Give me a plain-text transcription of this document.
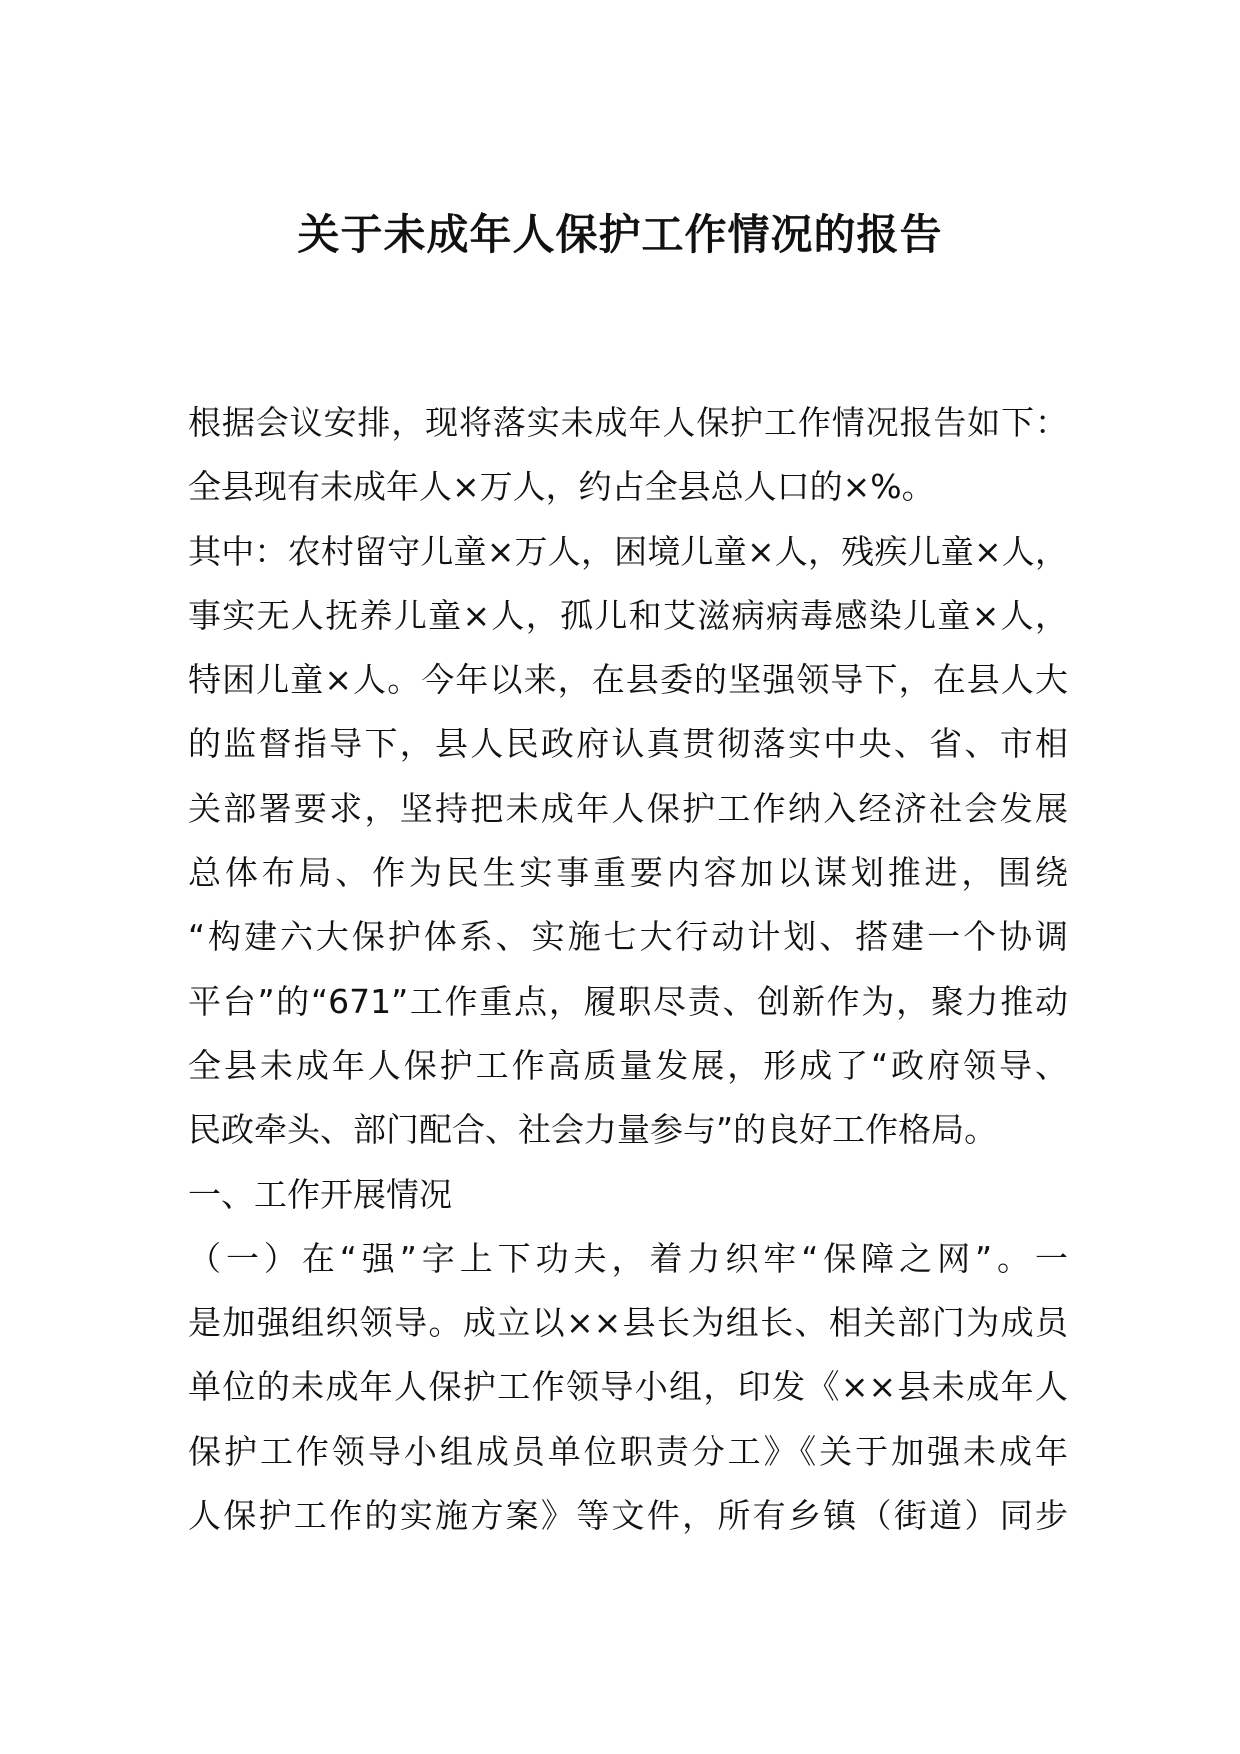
关于未成年人保护工作情况的报告
根据会议安排，现将落实未成年人保护工作情况报告如下：
全县现有未成年人×万人，约占全县总人口的×%。
其中：农村留守儿童×万人，困境儿童×人，残疾儿童×人，
事实无人抚养儿童×人，孤儿和艾滋病病毒感染儿童×人，
特困儿童×人。今年以来，在县委的坚强领导下，在县人大
的监督指导下，县人民政府认真贯彻落实中央、省、市相
关部署要求，坚持把未成年人保护工作纳入经济社会发展
总体布局、作为民生实事重要内容加以谋划推进，围绕
“构建六大保护体系、实施七大行动计划、搭建一个协调
平台”的“671”工作重点，履职尽责、创新作为，聚力推动
全县未成年人保护工作高质量发展，形成了“政府领导、
民政牵头、部门配合、社会力量参与”的良好工作格局。
一、工作开展情况
（一）在“强”字上下功夫，着力织牢“保障之网”。一
是加强组织领导。成立以××县长为组长、相关部门为成员
单位的未成年人保护工作领导小组，印发《××县未成年人
保护工作领导小组成员单位职责分工》《关于加强未成年
人保护工作的实施方案》等文件，所有乡镇（街道）同步
